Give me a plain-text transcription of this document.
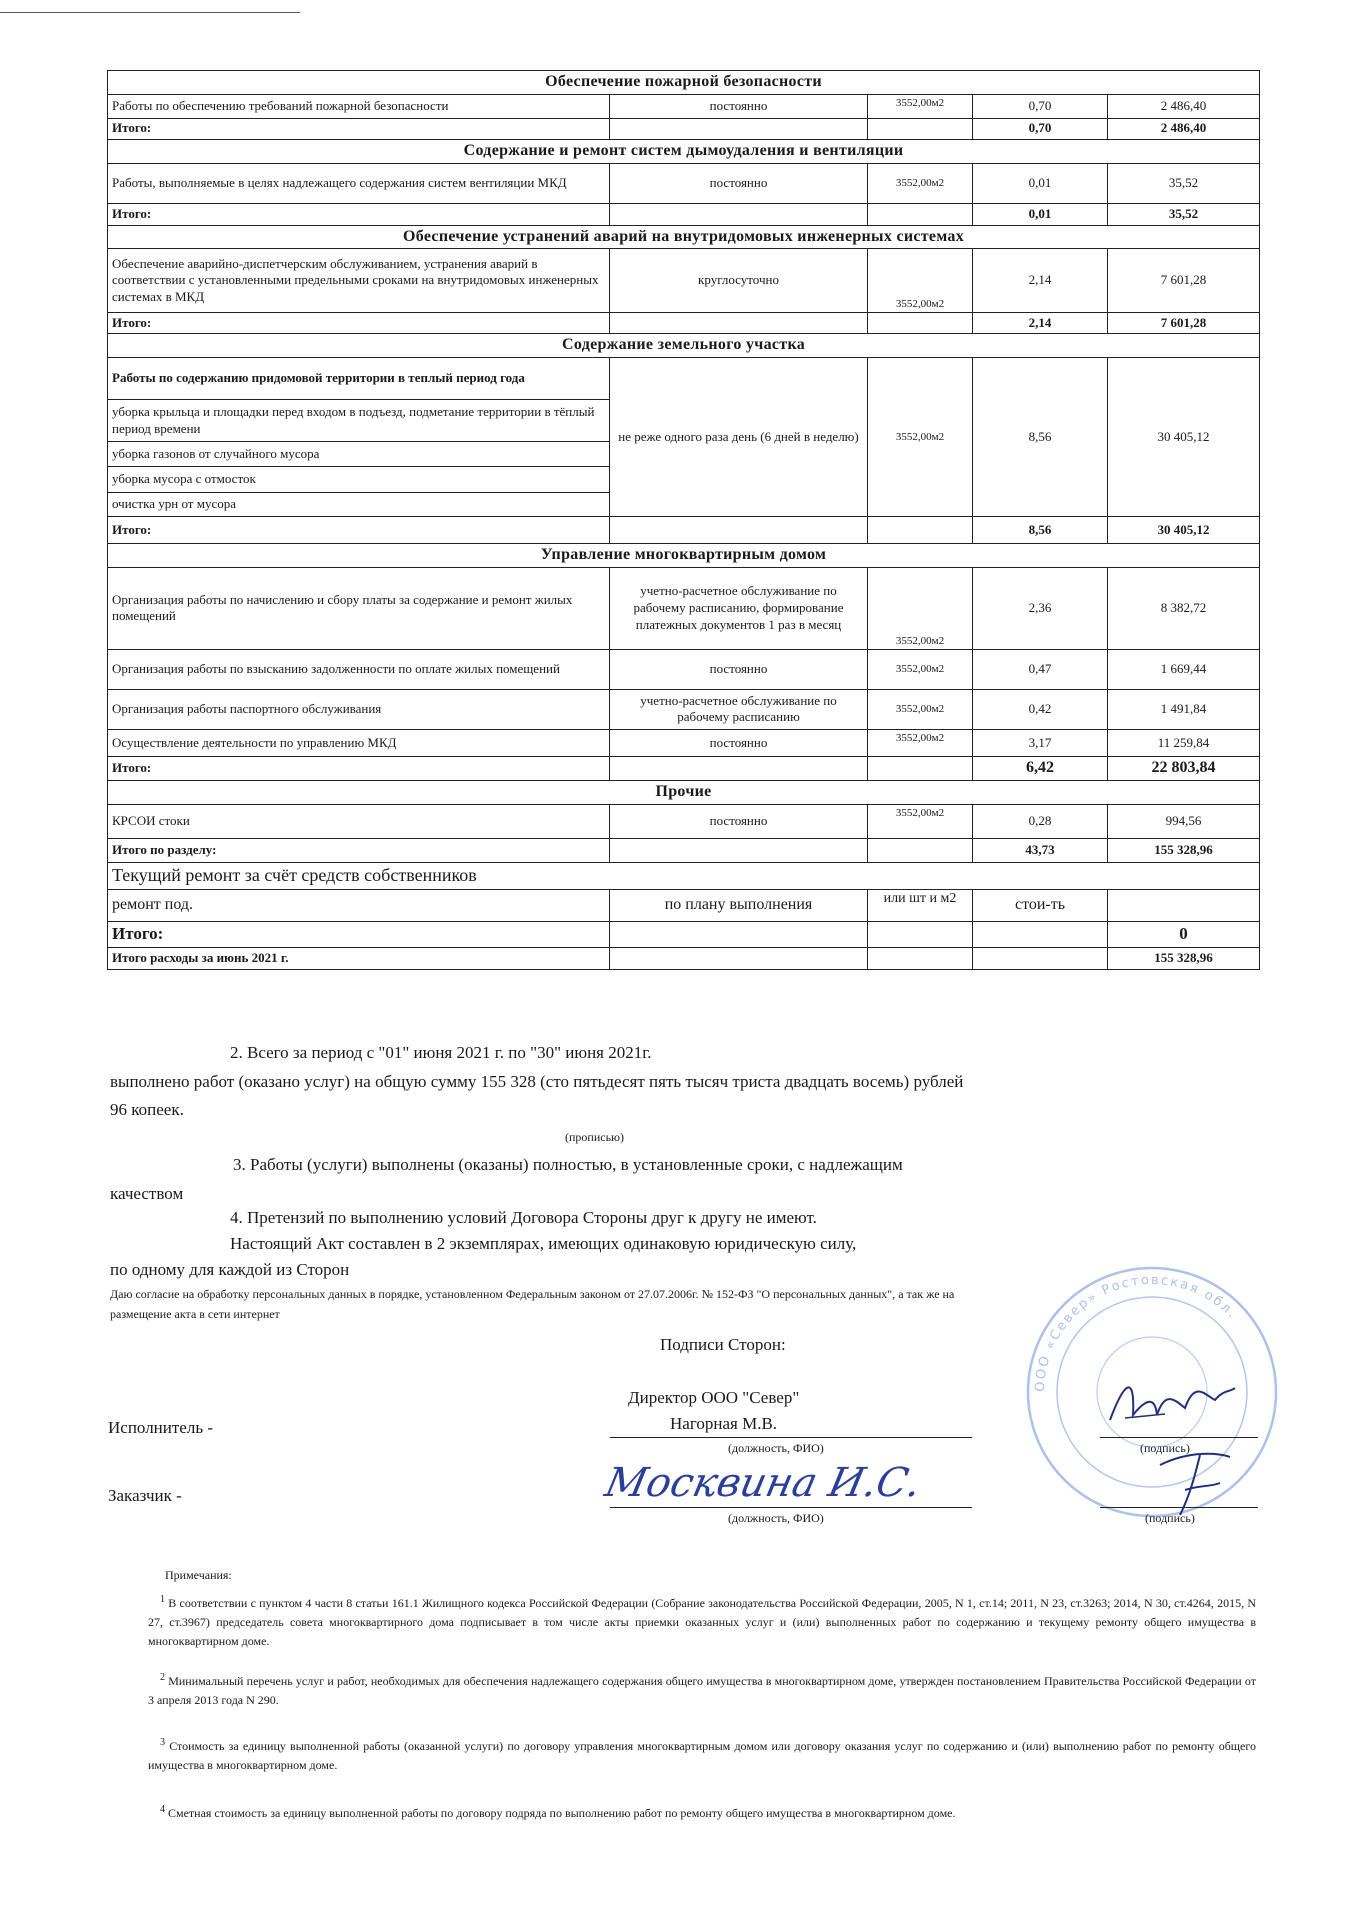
Обеспечение пожарной безопасности				
Работы по обеспечению требований пожарной безопасности	постоянно	3552,00м2	0,70	2 486,40
Итого:			0,70	2 486,40
Содержание и ремонт систем дымоудаления и вентиляции				
Работы, выполняемые в целях надлежащего содержания систем вентиляции МКД	постоянно	3552,00м2	0,01	35,52
Итого:			0,01	35,52
Обеспечение устранений аварий на внутридомовых инженерных системах				
Обеспечение аварийно-диспетчерским обслуживанием, устранения аварий в соответствии с установленными предельными сроками на внутридомовых инженерных системах в МКД	круглосуточно	3552,00м2	2,14	7 601,28
Итого:			2,14	7 601,28
Содержание земельного участка				
Работы по содержанию придомовой территории в теплый период года	не реже одного раза день (6 дней в неделю)	3552,00м2	8,56	30 405,12
уборка крыльца и площадки перед входом в подъезд, подметание территории в тёплый период времени				
уборка газонов от случайного мусора				
уборка мусора с отмосток				
очистка урн от мусора				
Итого:			8,56	30 405,12
Управление многоквартирным домом				
Организация работы по начислению и сбору платы за содержание и ремонт жилых помещений	учетно-расчетное обслуживание по рабочему расписанию, формирование платежных документов 1 раз в месяц	3552,00м2	2,36	8 382,72
Организация работы по взысканию задолженности по оплате жилых помещений	постоянно	3552,00м2	0,47	1 669,44
Организация работы паспортного обслуживания	учетно-расчетное обслуживание по рабочему расписанию	3552,00м2	0,42	1 491,84
Осуществление деятельности по управлению МКД	постоянно	3552,00м2	3,17	11 259,84
Итого:			6,42	22 803,84
Прочие				
КРСОИ стоки	постоянно	3552,00м2	0,28	994,56
Итого по разделу:			43,73	155 328,96
Текущий ремонт за счёт средств собственников				
ремонт под.	по плану выполнения	или шт и м2	стои-ть	
Итого:				0
Итого расходы за июнь 2021 г.				155 328,96
2. Всего за период с "01" июня 2021 г. по "30" июня 2021г.
выполнено работ (оказано услуг) на общую сумму 155 328 (сто пятьдесят пять тысяч триста двадцать восемь) рублей
96 копеек.
(прописью)
3. Работы (услуги) выполнены (оказаны) полностью, в установленные сроки, с надлежащим
качеством
4. Претензий по выполнению условий Договора Стороны друг к другу не имеют.
Настоящий Акт составлен в 2 экземплярах, имеющих одинаковую юридическую силу,
по одному для каждой из Сторон
Даю согласие на обработку персональных данных в порядке, установленном Федеральным законом от 27.07.2006г. № 152-ФЗ "О персональных данных", а так же на
размещение акта в сети интернет
ООО «Север» Ростовская обл.
Подписи Сторон:
Директор ООО "Север"
Исполнитель -	Нагорная М.В.
(должность, ФИО)	(подпись)
Заказчик -	Москвина И.С.
(должность, ФИО)	(подпись)
Примечания:
$^1$ В соответствии с пунктом 4 части 8 статьи 161.1 Жилищного кодекса Российской Федерации (Собрание законодательства Российской Федерации, 2005, N 1, ст.14; 2011, N 23, ст.3263; 2014, N 30, ст.4264, 2015, N 27, ст.3967) председатель совета многоквартирного дома подписывает в том числе акты приемки оказанных услуг и (или) выполненных работ по содержанию и текущему ремонту общего имущества в многоквартирном доме.
$^2$ Минимальный перечень услуг и работ, необходимых для обеспечения надлежащего содержания общего имущества в многоквартирном доме, утвержден постановлением Правительства Российской Федерации от 3 апреля 2013 года N 290.
$^3$ Стоимость за единицу выполненной работы (оказанной услуги) по договору управления многоквартирным домом или договору оказания услуг по содержанию и (или) выполнению работ по ремонту общего имущества в многоквартирном доме.
$^4$ Сметная стоимость за единицу выполненной работы по договору подряда по выполнению работ по ремонту общего имущества в многоквартирном доме.
